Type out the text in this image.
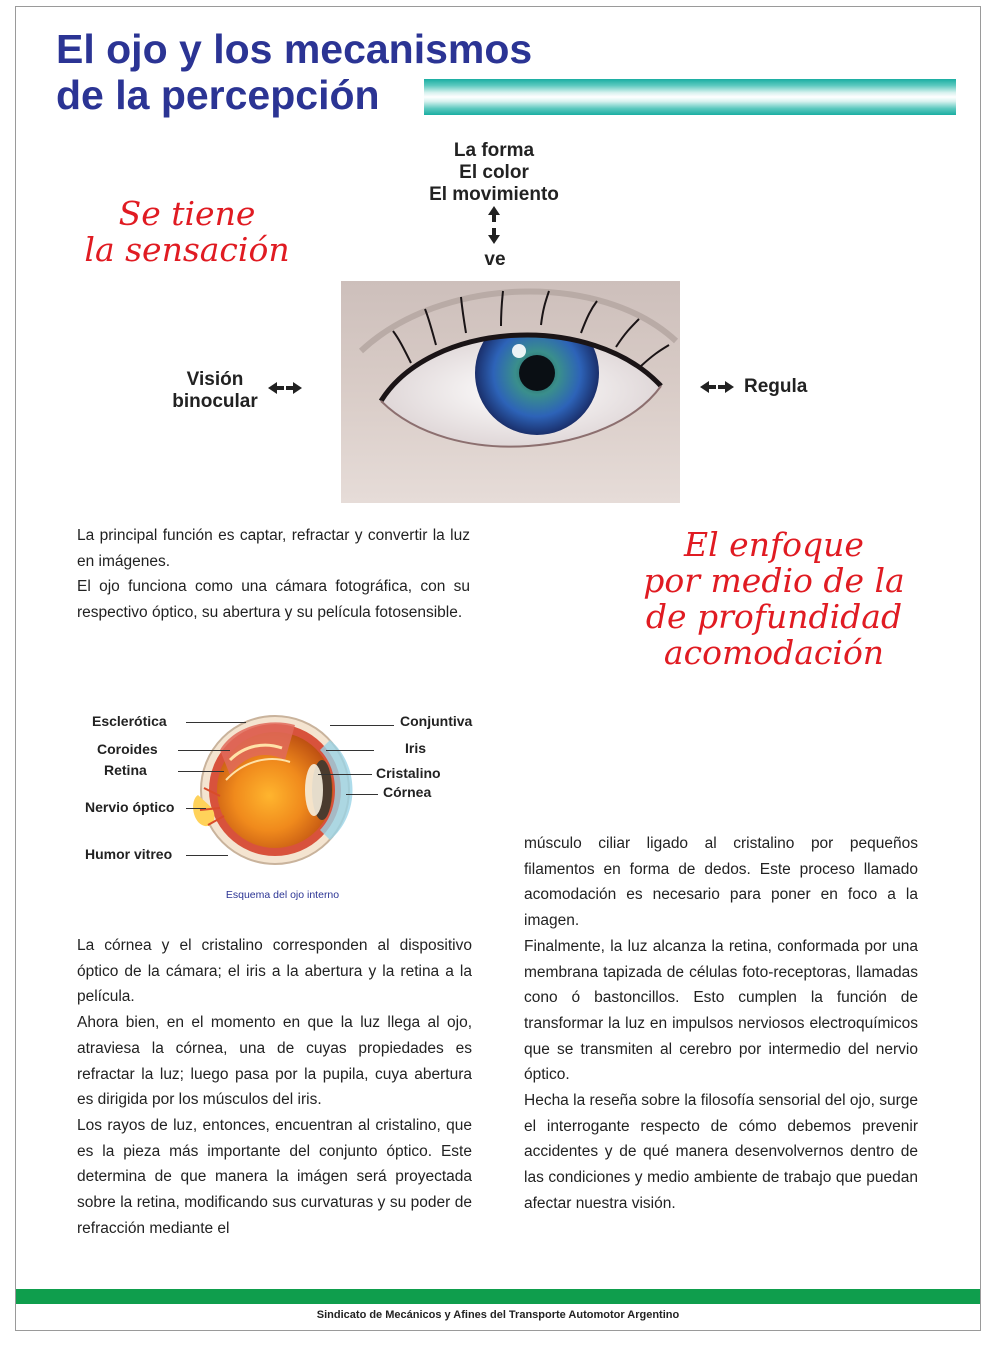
El ojo y los mecanismos
de la percepción
La forma
El color
El movimiento
ve
Se tiene
la sensación
Visión
binocular
Regula

La principal función es captar, refractar y convertir la luz en imágenes.

El ojo funciona como una cámara fotográfica, con su respectivo óptico, su abertura y su película fotosensible.

El enfoque
por medio de la
de profundidad
acomodación
Esclerótica
Coroides
Retina
Nervio óptico
Humor vitreo
Conjuntiva
Iris
Cristalino
Córnea
Esquema del ojo interno

La córnea y el cristalino corresponden al dispositivo óptico de la cámara; el iris a la abertura y la retina a la película.

Ahora bien, en el momento en que la luz llega al ojo, atraviesa la córnea, una de cuyas propiedades es refractar la luz; luego pasa por la pupila, cuya abertura es dirigida por los músculos del iris.

Los rayos de luz, entonces, encuentran al cristalino, que es la pieza más importante del conjunto óptico. Este determina de que manera la imágen será proyectada sobre la retina, modificando sus curvaturas y su poder de refracción mediante el

músculo ciliar ligado al cristalino por pequeños filamentos en forma de dedos. Este proceso llamado acomodación es necesario para poner en foco a la imagen.

Finalmente, la luz alcanza la retina, conformada por una membrana tapizada de células foto-receptoras, llamadas cono ó bastoncillos. Esto cumplen la función de transformar la luz en impulsos nerviosos electroquímicos que se transmiten al cerebro por intermedio del nervio óptico.

Hecha la reseña sobre la filosofía sensorial del ojo, surge el interrogante respecto de cómo debemos prevenir accidentes y de qué manera desenvolvernos dentro de las condiciones y medio ambiente de trabajo que puedan afectar nuestra visión.

Sindicato de Mecánicos y Afines del Transporte Automotor Argentino
